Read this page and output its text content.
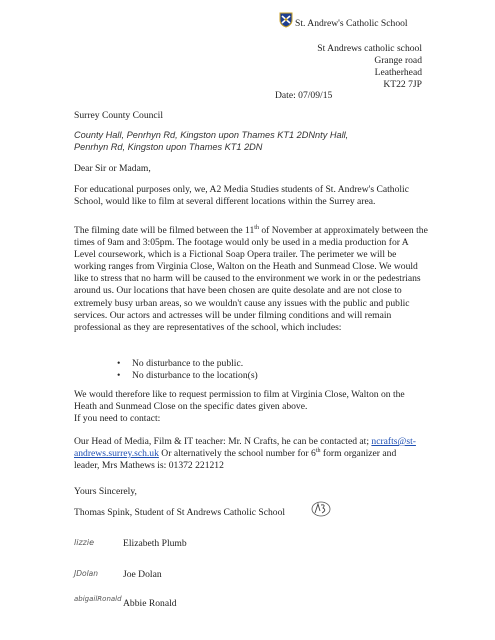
St. Andrew's Catholic School
St Andrews catholic school
Grange road
Leatherhead
KT22 7JP
Date: 07/09/15
Surrey County Council
County Hall, Penrhyn Rd, Kingston upon Thames KT1 2DNnty Hall, Penrhyn Rd, Kingston upon Thames KT1 2DN
Dear Sir or Madam,

For educational purposes only, we, A2 Media Studies students of St. Andrew's Catholic School, would like to film at several different locations within the Surrey area.

The filming date will be filmed between the 11th of November at approximately between the times of 9am and 3:05pm. The footage would only be used in a media production for A Level coursework, which is a Fictional Soap Opera trailer. The perimeter we will be working ranges from Virginia Close, Walton on the Heath and Sunmead Close. We would like to stress that no harm will be caused to the environment we work in or the pedestrians around us. Our locations that have been chosen are quite desolate and are not close to extremely busy urban areas, so we wouldn't cause any issues with the public and public services. Our actors and actresses will be under filming conditions and will remain professional as they are representatives of the school, which includes:

• No disturbance to the public.
• No disturbance to the location(s)

We would therefore like to request permission to film at Virginia Close, Walton on the Heath and Sunmead Close on the specific dates given above.

If you need to contact:

Our Head of Media, Film & IT teacher: Mr. N Crafts, he can be contacted at; ncrafts@st-andrews.surrey.sch.uk Or alternatively the school number for 6th form organizer and leader, Mrs Mathews is: 01372 221212

Yours Sincerely,
Thomas Spink, Student of St Andrews Catholic School
lizzie	Elizabeth Plumb
JDolan	Joe Dolan
abigailRonald Abbie Ronald
